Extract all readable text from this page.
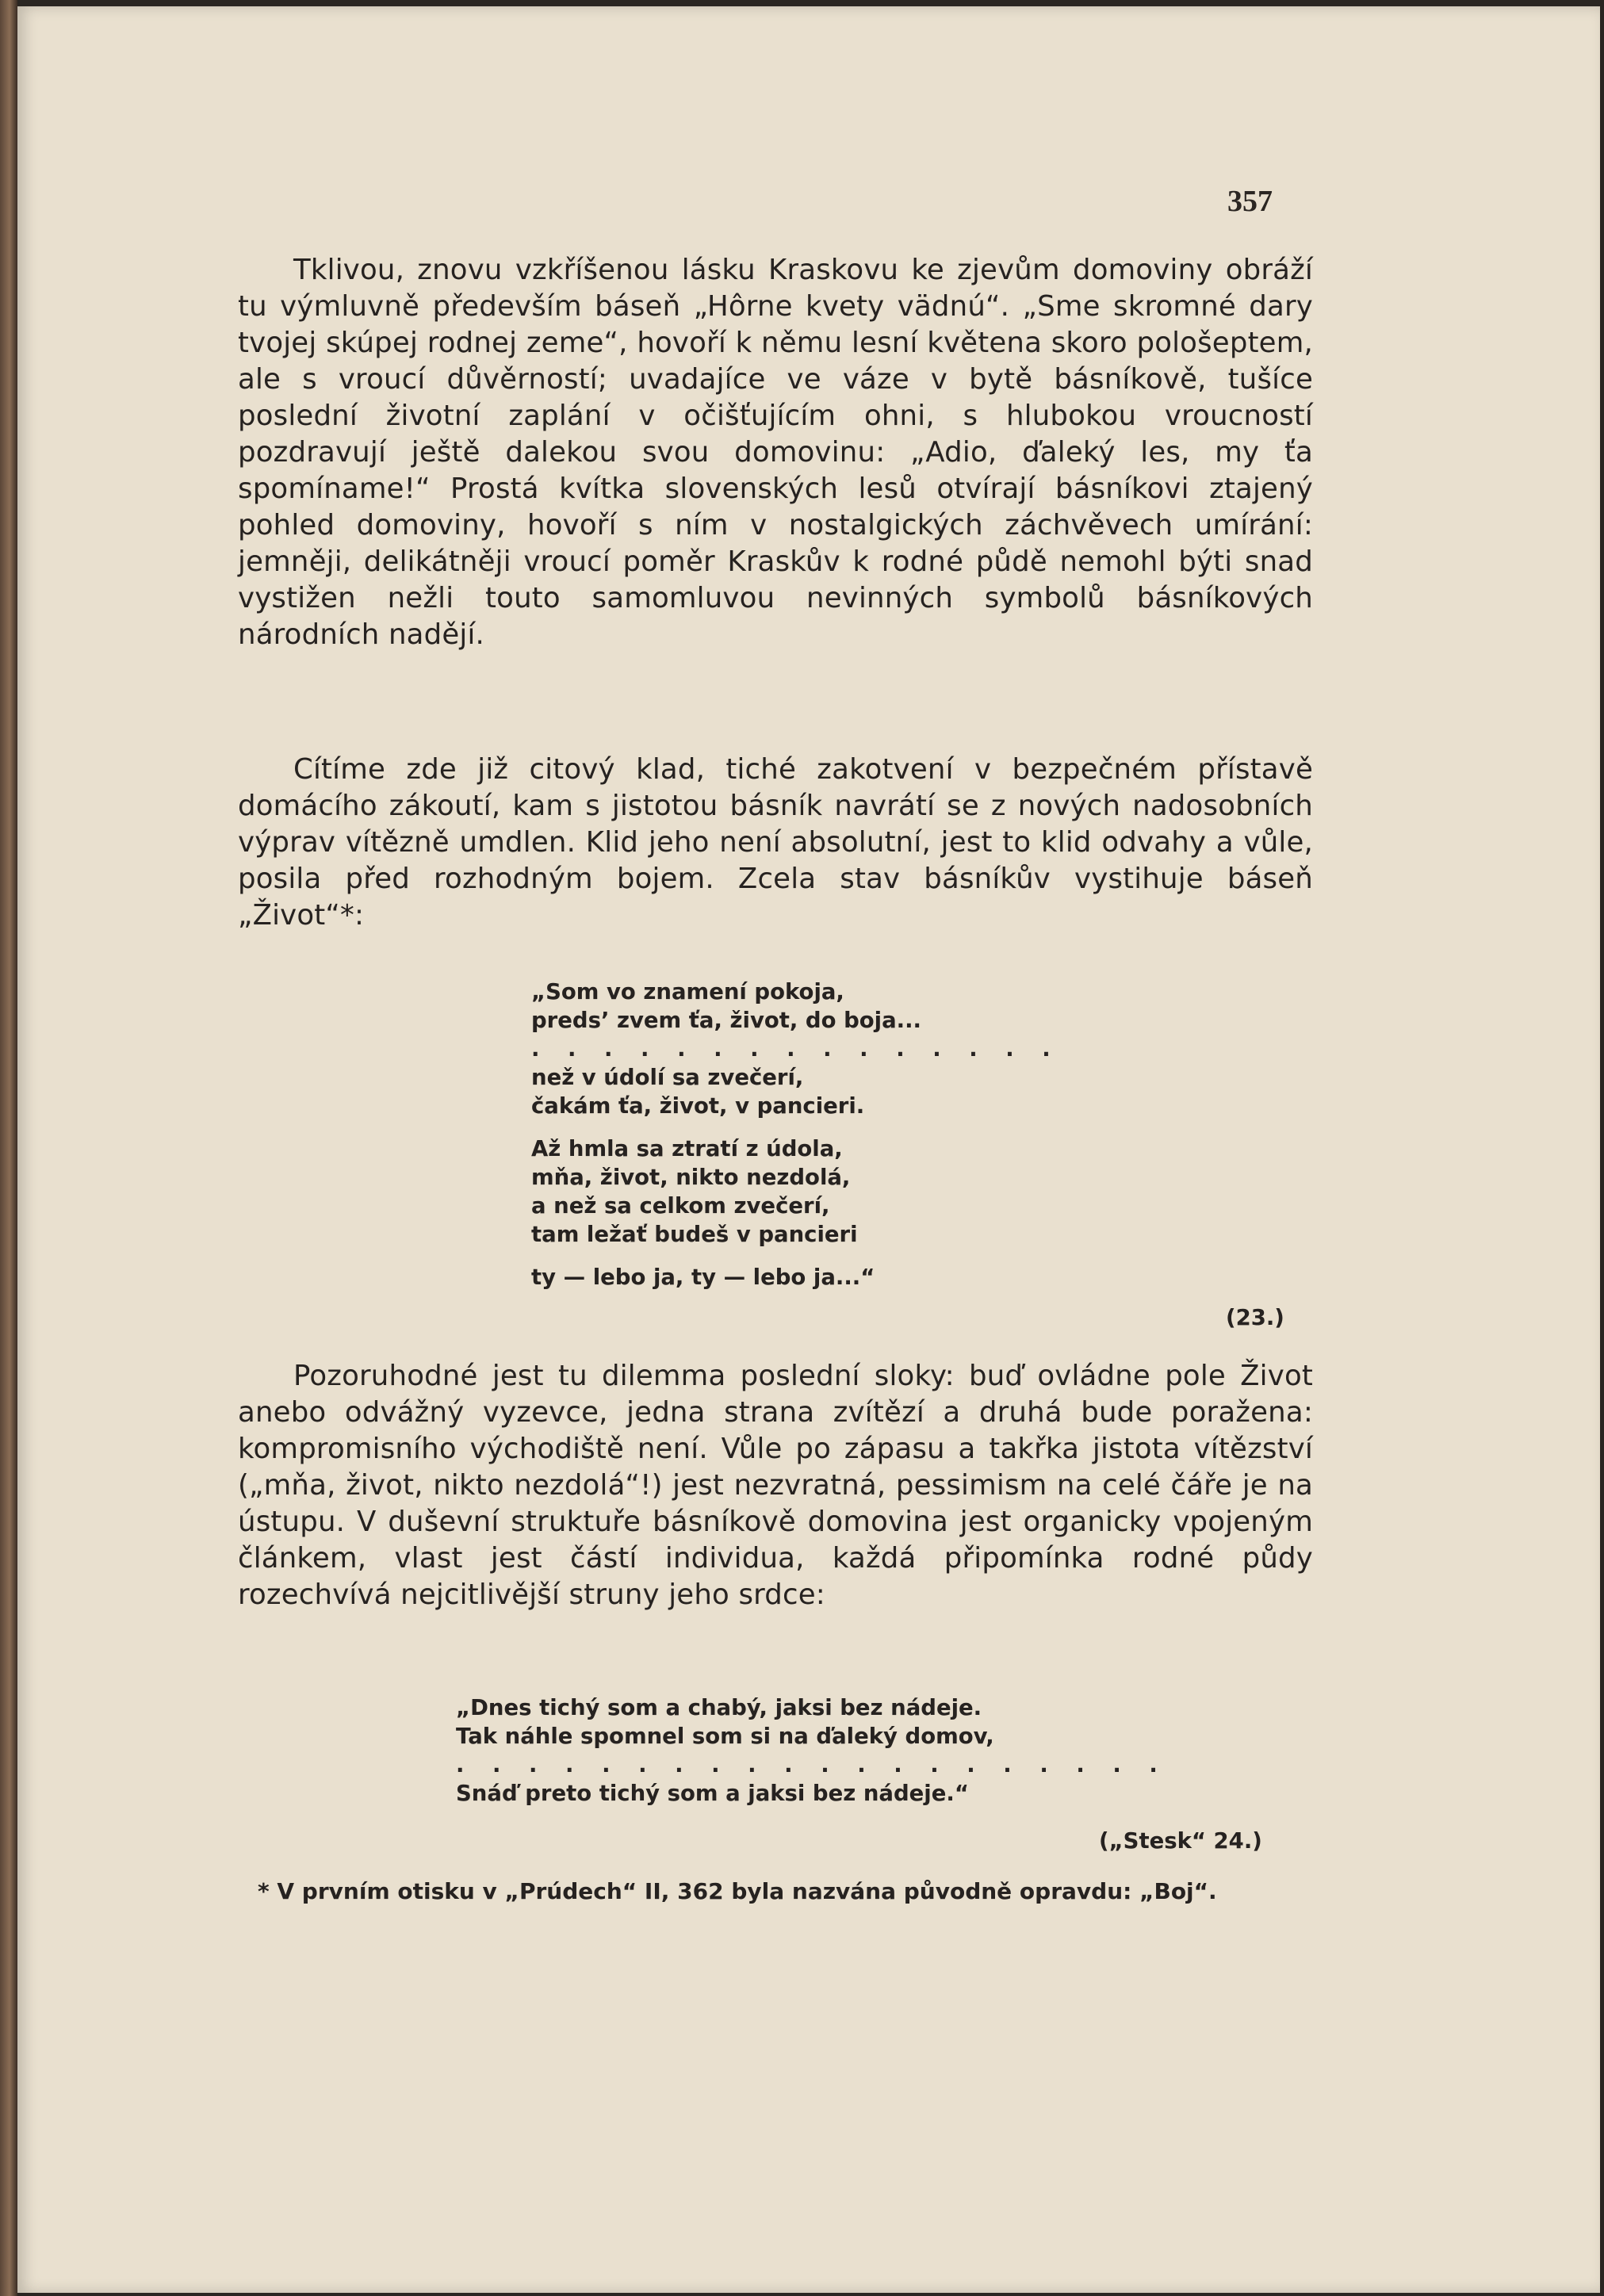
357

Tklivou, znovu vzkříšenou lásku Kraskovu ke zjevům domoviny obráží tu výmluvně především báseň „Hôrne kvety vädnú“. „Sme skromné dary tvojej skúpej rodnej zeme“, hovoří k němu lesní květena skoro pološeptem, ale s vroucí důvěrností; uvadajíce ve váze v bytě básníkově, tušíce poslední životní zaplání v očišťujícím ohni, s hlubokou vroucností pozdravují ještě dalekou svou domovinu: „Adio, ďaleký les, my ťa spomíname!“ Prostá kvítka slovenských lesů otvírají básníkovi ztajený pohled domoviny, hovoří s ním v nostalgických záchvěvech umírání: jemněji, delikátněji vroucí poměr Kraskův k rodné půdě nemohl býti snad vystižen nežli touto samomluvou nevinných symbolů básníkových národních nadějí.

Cítíme zde již citový klad, tiché zakotvení v bezpečném přístavě domácího zákoutí, kam s jistotou básník navrátí se z nových nadosobních výprav vítězně umdlen. Klid jeho není absolutní, jest to klid odvahy a vůle, posila před rozhodným bojem. Zcela stav básníkův vystihuje báseň „Život“*:

„Som vo znamení pokoja,
preds’ zvem ťa, život, do boja...
. . . . . . . . . . . . . . .
než v údolí sa zvečerí,
čakám ťa, život, v pancieri.
Až hmla sa ztratí z údola,
mňa, život, nikto nezdolá,
a než sa celkom zvečerí,
tam ležať budeš v pancieri
ty — lebo ja, ty — lebo ja...“
(23.)

Pozoruhodné jest tu dilemma poslední sloky: buď ovládne pole Život anebo odvážný vyzevce, jedna strana zvítězí a druhá bude poražena: kompromisního východiště není. Vůle po zápasu a takřka jistota vítězství („mňa, život, nikto nezdolá“!) jest nezvratná, pessimism na celé čáře je na ústupu. V duševní struktuře básníkově domovina jest organicky vpojeným článkem, vlast jest částí individua, každá připomínka rodné půdy rozechvívá nejcitlivější struny jeho srdce:

„Dnes tichý som a chabý, jaksi bez nádeje.
Tak náhle spomnel som si na ďaleký domov,
. . . . . . . . . . . . . . . . . . . .
Snáď preto tichý som a jaksi bez nádeje.“
(„Stesk“ 24.)
* V prvním otisku v „Prúdech“ II, 362 byla nazvána původně opravdu: „Boj“.
